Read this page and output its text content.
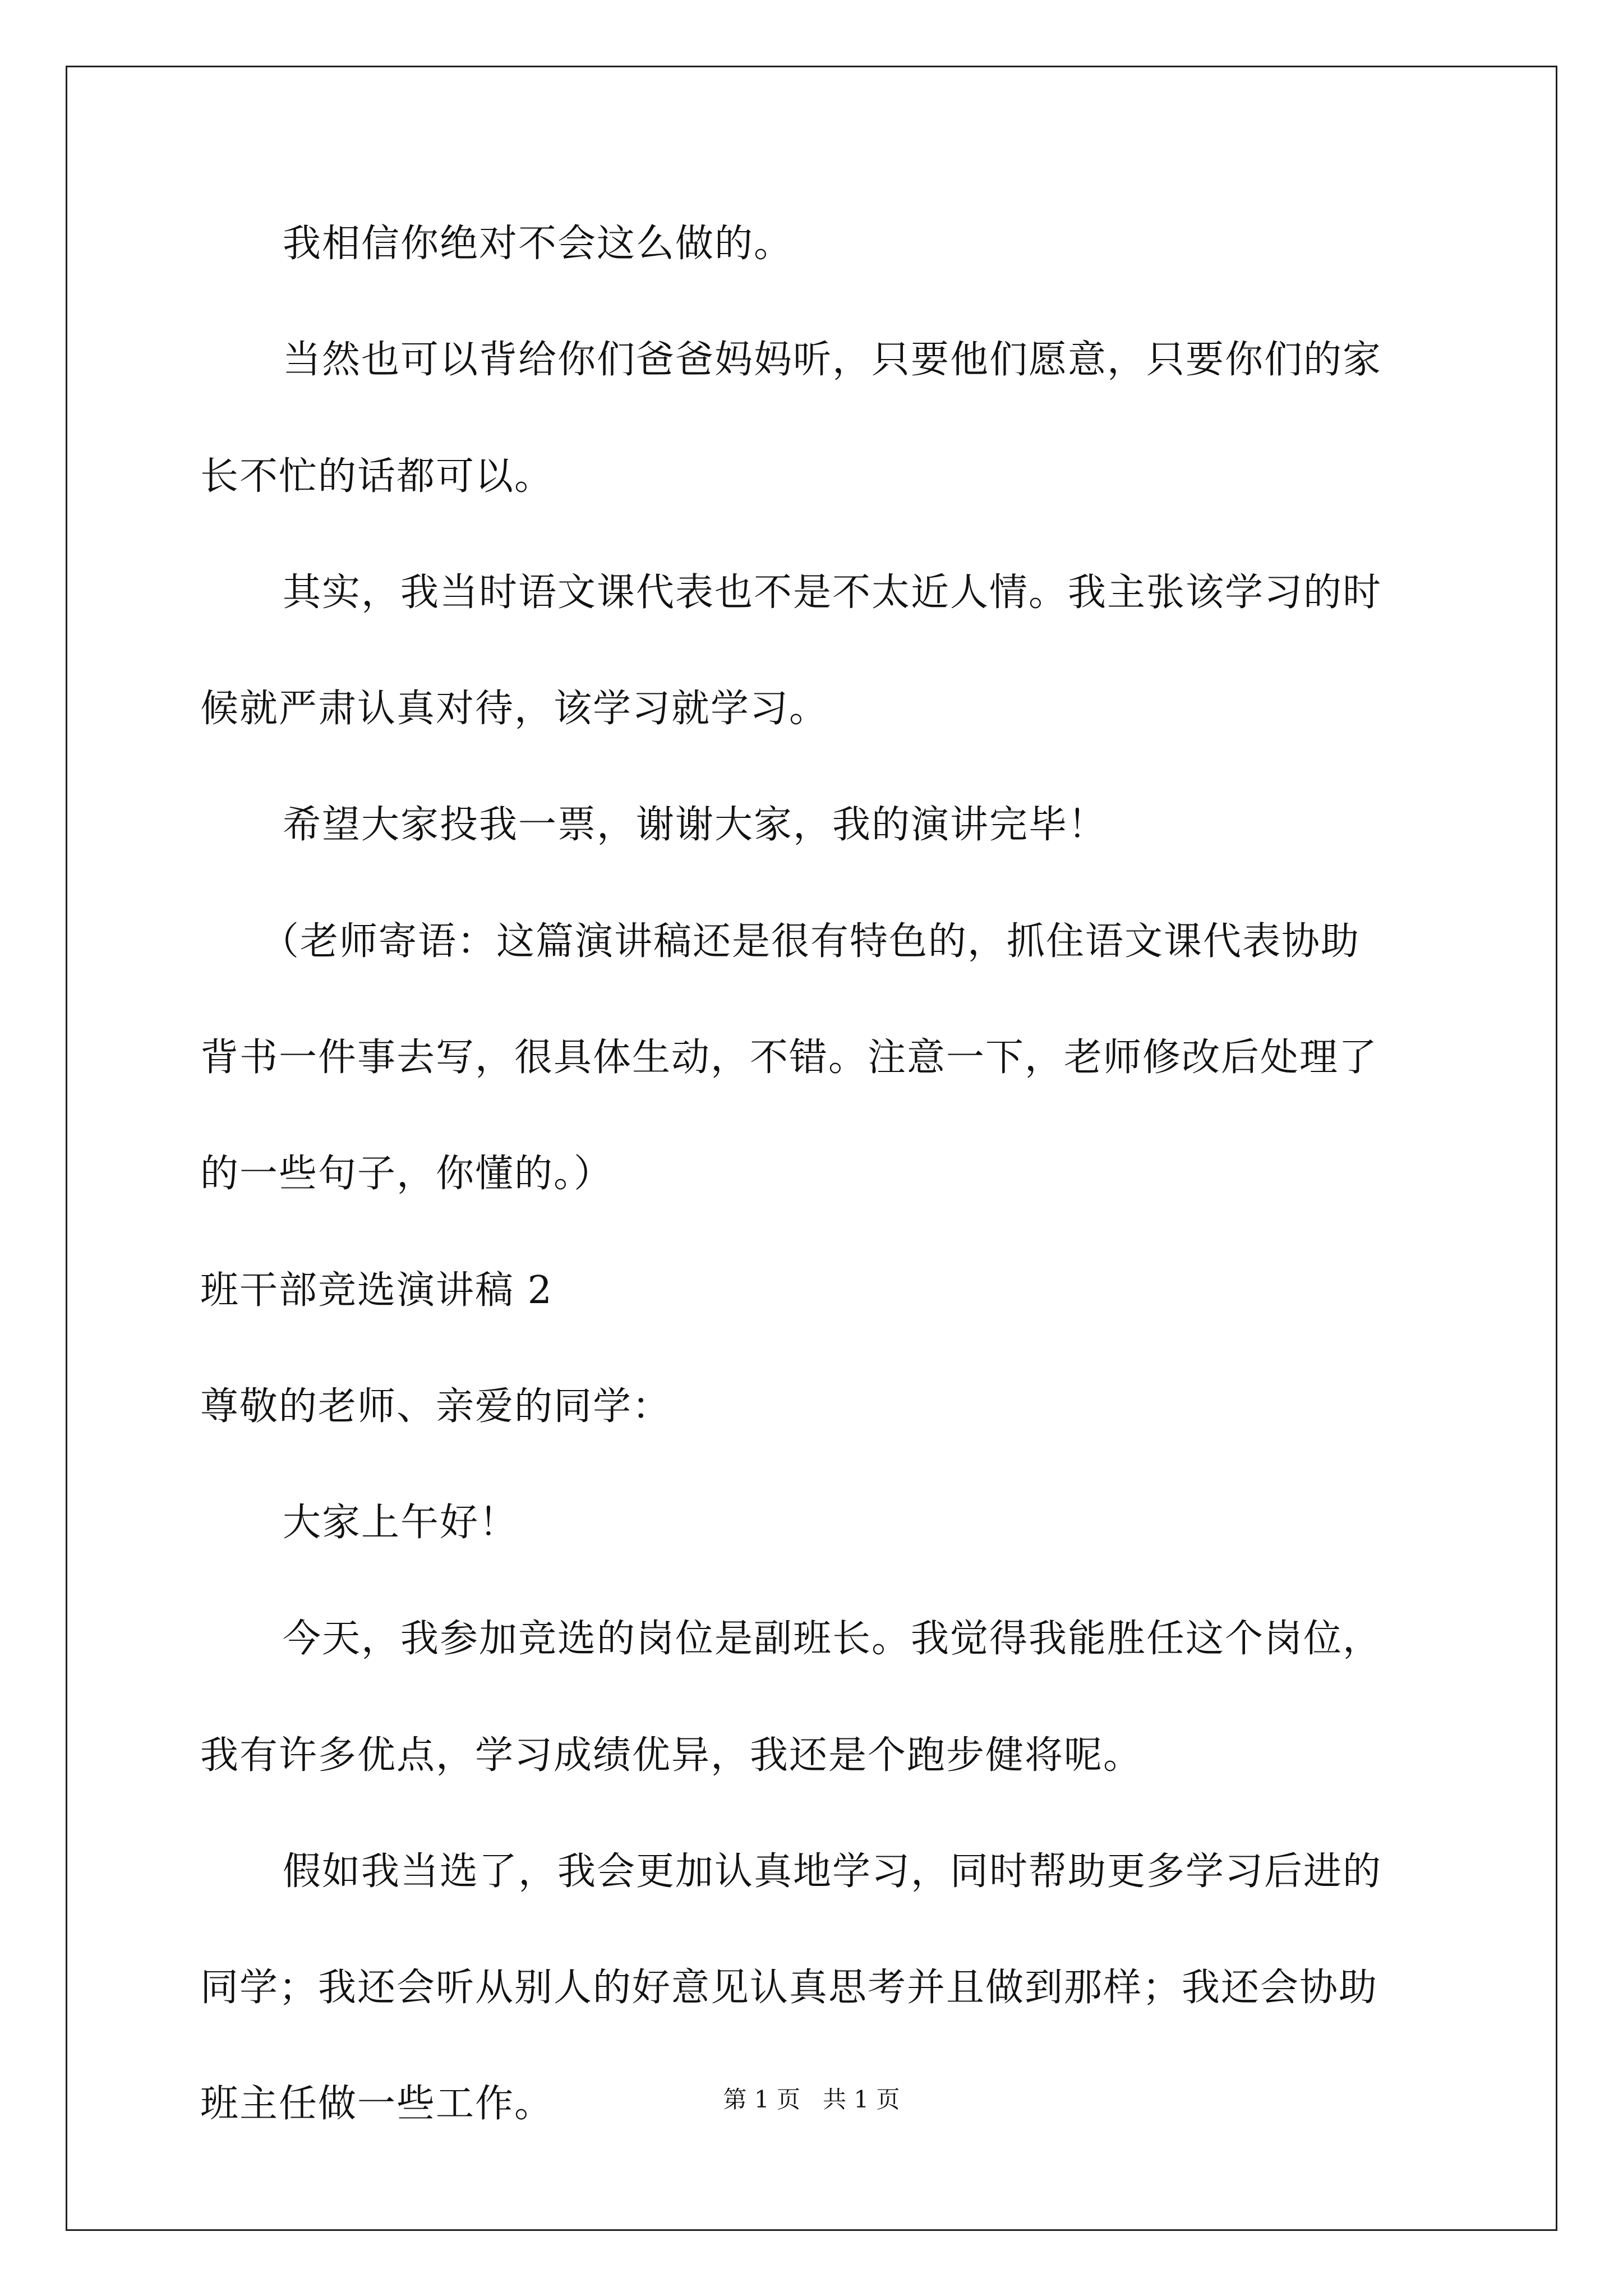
我相信你绝对不会这么做的。
当然也可以背给你们爸爸妈妈听，只要他们愿意，只要你们的家
长不忙的话都可以。
其实，我当时语文课代表也不是不太近人情。我主张该学习的时
候就严肃认真对待，该学习就学习。
希望大家投我一票，谢谢大家，我的演讲完毕！
（老师寄语：这篇演讲稿还是很有特色的，抓住语文课代表协助
背书一件事去写，很具体生动，不错。注意一下，老师修改后处理了
的一些句子，你懂的。）
班干部竞选演讲稿 2
尊敬的老师、亲爱的同学：
大家上午好！
今天，我参加竞选的岗位是副班长。我觉得我能胜任这个岗位，
我有许多优点，学习成绩优异，我还是个跑步健将呢。
假如我当选了，我会更加认真地学习，同时帮助更多学习后进的
同学；我还会听从别人的好意见认真思考并且做到那样；我还会协助
班主任做一些工作。	第 1 页   共 1 页
